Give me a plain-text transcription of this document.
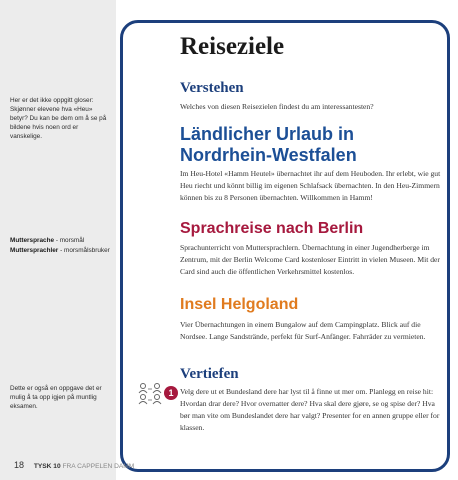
Her er det ikke oppgitt gloser: Skjønner elevene hva «Heu» betyr? Du kan be dem om å se på bildene hvis noen ord er vanskelige.
Muttersprache - morsmål
Muttersprachler - morsmålsbruker
Dette er også en oppgave det er mulig å ta opp igjen på muntlig eksamen.
Reiseziele
Verstehen
Welches von diesen Reisezielen findest du am interessantesten?
Ländlicher Urlaub in Nordrhein-Westfalen
Im Heu-Hotel «Hamm Heutel» übernachtet ihr auf dem Heuboden. Ihr erlebt, wie gut Heu riecht und könnt billig im eigenen Schlafsack übernachten. In den Heu-Zimmern können bis zu 8 Personen übernachten. Willkommen in Hamm!
Sprachreise nach Berlin
Sprachunterricht von Muttersprachlern. Übernachtung in einer Jugendherberge im Zentrum, mit der Berlin Welcome Card kostenloser Eintritt in vielen Museen. Mit der Card sind auch die öffentlichen Verkehrsmittel kostenlos.
Insel Helgoland
Vier Übernachtungen in einem Bungalow auf dem Campingplatz. Blick auf die Nordsee. Lange Sandstrände, perfekt für Surf-Anfänger. Fahrräder zu vermieten.
Vertiefen
1 Velg dere ut et Bundesland dere har lyst til å finne ut mer om. Planlegg en reise hit: Hvordan drar dere? Hvor overnatter dere? Hva skal dere gjøre, se og spise der? Hva bør man vite om Bundeslandet dere har valgt? Presenter for en annen gruppe eller for klassen.
18 TYSK 10 FRA CAPPELEN DAMM
